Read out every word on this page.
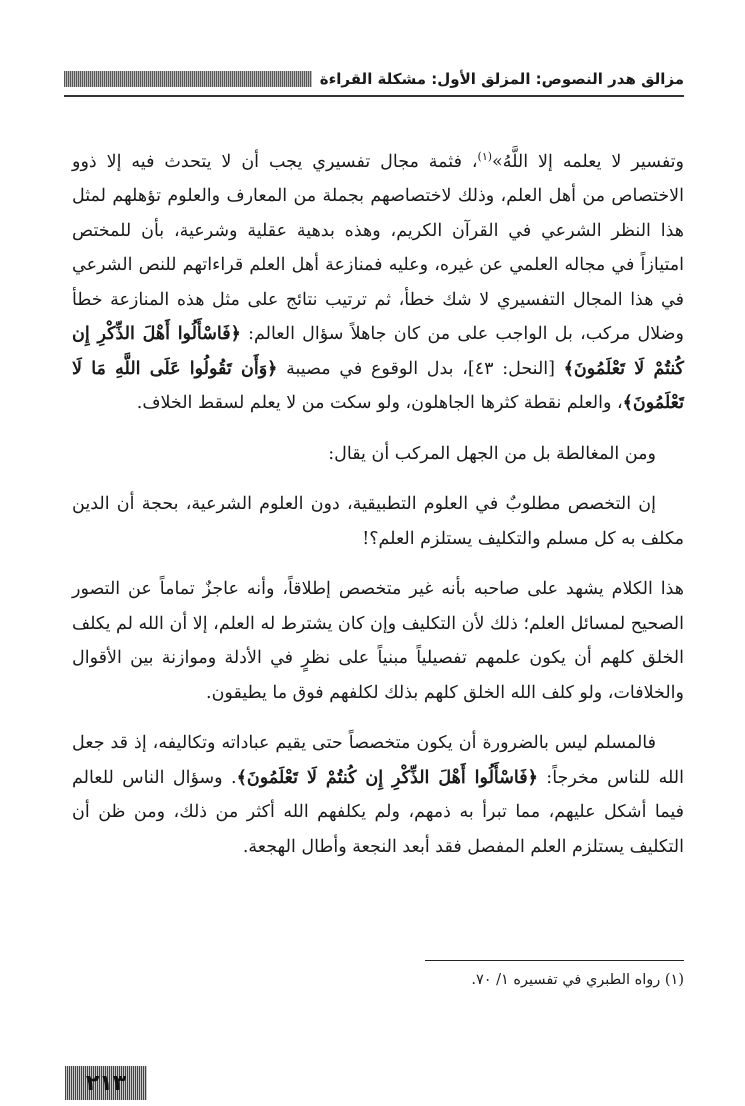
مزالق هدر النصوص: المزلق الأول: مشكلة القراءة

وتفسير لا يعلمه إلا اللَّهُ»$^{(١)}$، فثمة مجال تفسيري يجب أن لا يتحدث فيه إلا ذوو الاختصاص من أهل العلم، وذلك لاختصاصهم بجملة من المعارف والعلوم تؤهلهم لمثل هذا النظر الشرعي في القرآن الكريم، وهذه بدهية عقلية وشرعية، بأن للمختص امتيازاً في مجاله العلمي عن غيره، وعليه فمنازعة أهل العلم قراءاتهم للنص الشرعي في هذا المجال التفسيري لا شك خطأ، ثم ترتيب نتائج على مثل هذه المنازعة خطأ وضلال مركب، بل الواجب على من كان جاهلاً سؤال العالم: ﴿فَاسْأَلُوا أَهْلَ الذِّكْرِ إِن كُنتُمْ لَا تَعْلَمُونَ﴾ [النحل: ٤٣]، بدل الوقوع في مصيبة ﴿وَأَن تَقُولُوا عَلَى اللَّهِ مَا لَا تَعْلَمُونَ﴾، والعلم نقطة كثرها الجاهلون، ولو سكت من لا يعلم لسقط الخلاف.

ومن المغالطة بل من الجهل المركب أن يقال:

إن التخصص مطلوبٌ في العلوم التطبيقية، دون العلوم الشرعية، بحجة أن الدين مكلف به كل مسلم والتكليف يستلزم العلم؟!

هذا الكلام يشهد على صاحبه بأنه غير متخصص إطلاقاً، وأنه عاجزٌ تماماً عن التصور الصحيح لمسائل العلم؛ ذلك لأن التكليف وإن كان يشترط له العلم، إلا أن الله لم يكلف الخلق كلهم أن يكون علمهم تفصيلياً مبنياً على نظرٍ في الأدلة وموازنة بين الأقوال والخلافات، ولو كلف الله الخلق كلهم بذلك لكلفهم فوق ما يطيقون.

فالمسلم ليس بالضرورة أن يكون متخصصاً حتى يقيم عباداته وتكاليفه، إذ قد جعل الله للناس مخرجاً: ﴿فَاسْأَلُوا أَهْلَ الذِّكْرِ إِن كُنتُمْ لَا تَعْلَمُونَ﴾. وسؤال الناس للعالم فيما أشكل عليهم، مما تبرأ به ذمهم، ولم يكلفهم الله أكثر من ذلك، ومن ظن أن التكليف يستلزم العلم المفصل فقد أبعد النجعة وأطال الهجعة.

(١) رواه الطبري في تفسيره ١/ ٧٠.
٢١٣
